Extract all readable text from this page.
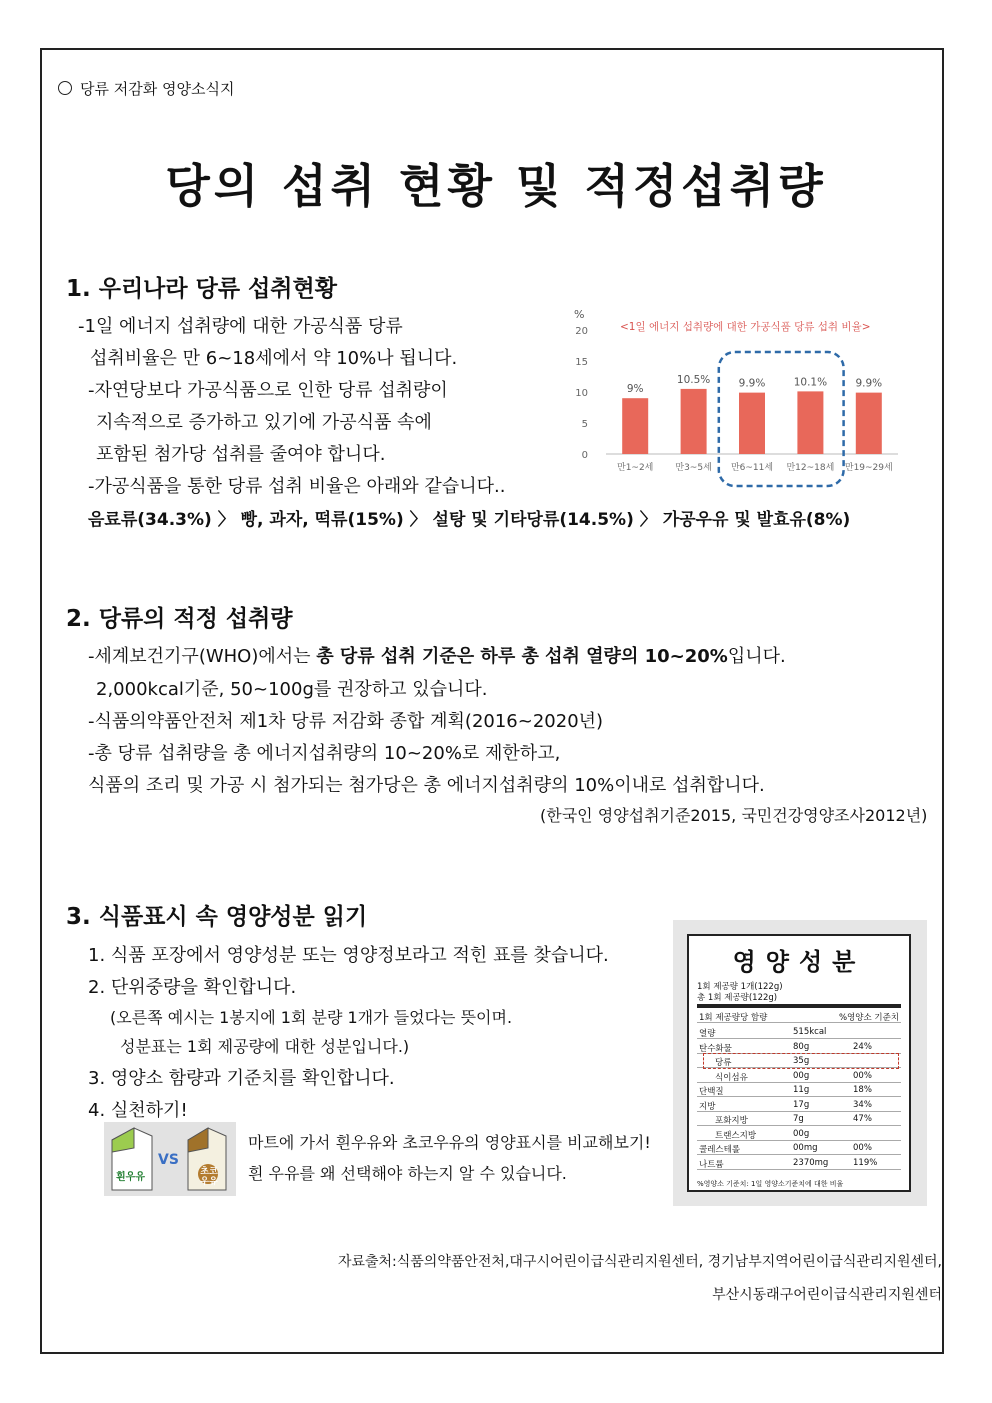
당류 저감화 영양소식지
당의 섭취 현황 및 적정섭취량
1. 우리나라 당류 섭취현황
-1일 에너지 섭취량에 대한 가공식품 당류
섭취비율은 만 6~18세에서 약 10%나 됩니다.
-자연당보다 가공식품으로 인한 당류 섭취량이
지속적으로 증가하고 있기에 가공식품 속에
포함된 첨가당 섭취를 줄여야 합니다.
-가공식품을 통한 당류 섭취 비율은 아래와 같습니다..
음료류(34.3%) 〉 빵, 과자, 떡류(15%) 〉 설탕 및 기타당류(14.5%) 〉 가공우유 및 발효유(8%)
%
<1일 에너지 섭취량에 대한 가공식품 당류 섭취 비율>
20
15
10
5
0
9%
만1~2세
10.5%
만3~5세
9.9%
만6~11세
10.1%
만12~18세
9.9%
만19~29세
2. 당류의 적정 섭취량
-세계보건기구(WHO)에서는 총 당류 섭취 기준은 하루 총 섭취 열량의 10~20%입니다.
2,000kcal기준, 50~100g를 권장하고 있습니다.
-식품의약품안전처 제1차 당류 저감화 종합 계획(2016~2020년)
-총 당류 섭취량을 총 에너지섭취량의 10~20%로 제한하고,
식품의 조리 및 가공 시 첨가되는 첨가당은 총 에너지섭취량의 10%이내로 섭취합니다.
(한국인 영양섭취기준2015, 국민건강영양조사2012년)
3. 식품표시 속 영양성분 읽기
1. 식품 포장에서 영양성분 또는 영양정보라고 적힌 표를 찾습니다.
2. 단위중량을 확인합니다.
(오른쪽 예시는 1봉지에 1회 분량 1개가 들었다는 뜻이며.
성분표는 1회 제공량에 대한 성분입니다.)
3. 영양소 함량과 기준치를 확인합니다.
4. 실천하기!
흰우유
VS
초코우유
마트에 가서 흰우유와 초코우유의 영양표시를 비교해보기!
흰 우유를 왜 선택해야 하는지 알 수 있습니다.
영양성분
1회 제공량 1개(122g)
총 1회 제공량(122g)
1회 제공량당 함량	%영양소 기준치
열량	515kcal
탄수화물	80g	24%
당류	35g
식이섬유	00g	00%
단백질	11g	18%
지방	17g	34%
포화지방	7g	47%
트랜스지방	00g
콜레스테롤	00mg	00%
나트륨	2370mg	119%
%영양소 기준치: 1일 영양소기준치에 대한 비율
자료출처:식품의약품안전처,대구시어린이급식관리지원센터, 경기남부지역어린이급식관리지원센터,
부산시동래구어린이급식관리지원센터
